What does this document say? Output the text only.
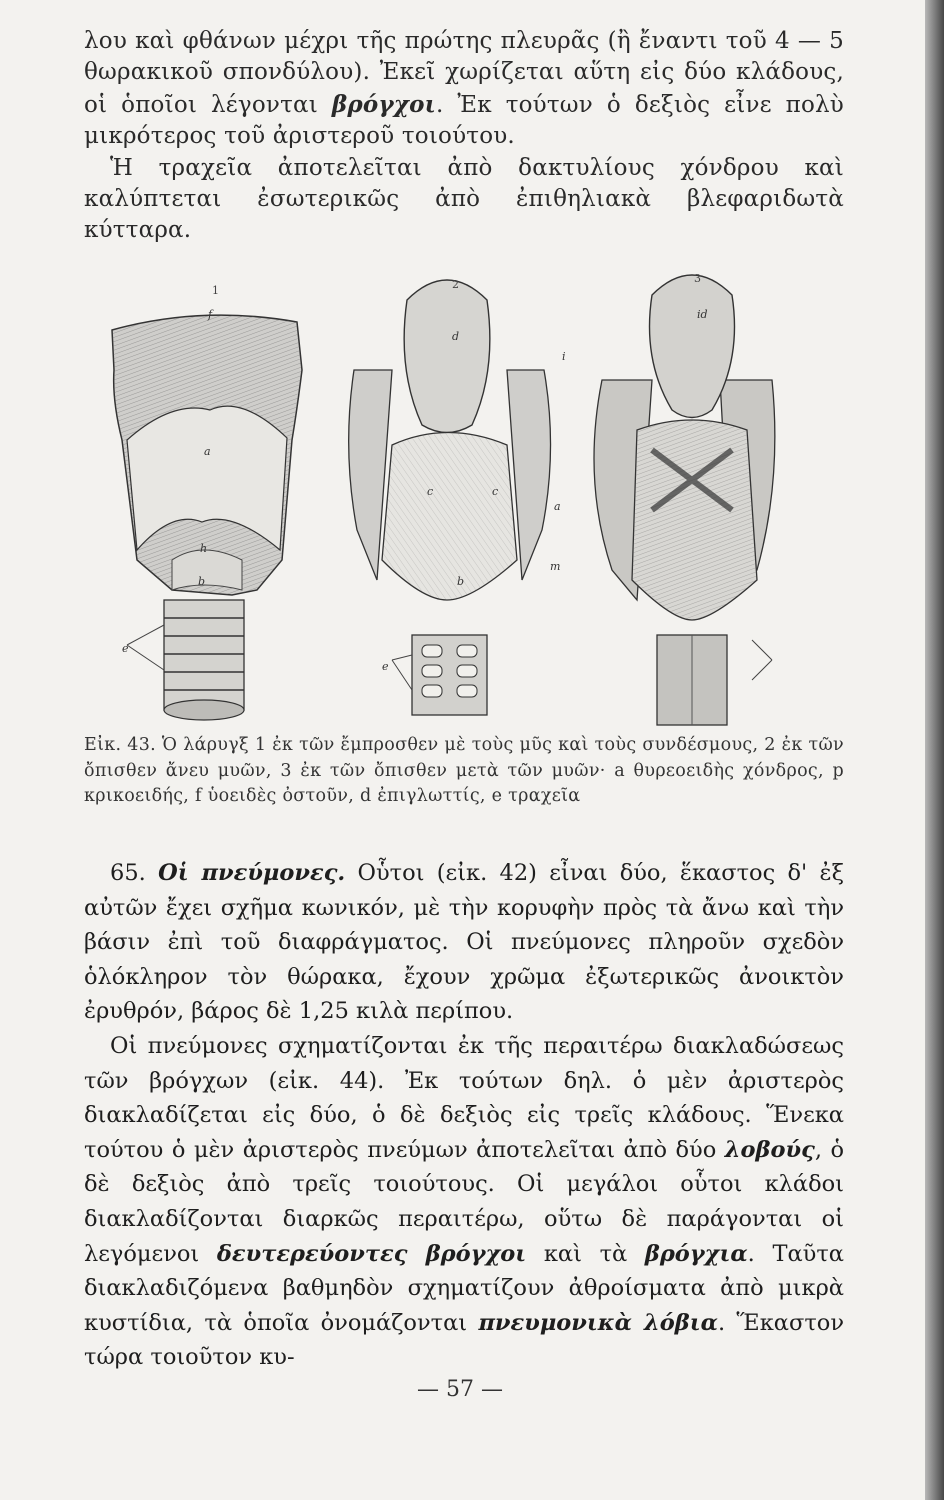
λου καὶ φθάνων μέχρι τῆς πρώτης πλευρᾶς (ἢ ἔναντι τοῦ 4 — 5 θωρακικοῦ σπονδύλου). Ἐκεῖ χωρίζεται αὕτη εἰς δύο κλάδους, οἱ ὁποῖοι λέγονται βρόγχοι. Ἐκ τούτων ὁ δεξιὸς εἶνε πολὺ μικρότερος τοῦ ἀριστεροῦ τοιούτου.

Ἡ τραχεῖα ἀποτελεῖται ἀπὸ δακτυλίους χόνδρου καὶ καλύπτεται ἐσωτερικῶς ἀπὸ ἐπιθηλιακὰ βλεφαριδωτὰ κύτταρα.

1	2	3
f
d
id
a
c	c
h
b	b
e
e
m
i
a

Εἰκ. 43. Ὁ λάρυγξ 1 ἐκ τῶν ἔμπροσθεν μὲ τοὺς μῦς καὶ τοὺς συνδέσμους, 2 ἐκ τῶν ὄπισθεν ἄνευ μυῶν, 3 ἐκ τῶν ὄπισθεν μετὰ τῶν μυῶν· a θυρεοειδὴς χόνδρος, p κρικοειδής, f ὑοειδὲς ὀστοῦν, d ἐπιγλωττίς, e τραχεῖα

65. Οἱ πνεύμονες. Οὗτοι (εἰκ. 42) εἶναι δύο, ἕκαστος δ' ἐξ αὐτῶν ἔχει σχῆμα κωνικόν, μὲ τὴν κορυφὴν πρὸς τὰ ἄνω καὶ τὴν βάσιν ἐπὶ τοῦ διαφράγματος. Οἱ πνεύμονες πληροῦν σχεδὸν ὁλόκληρον τὸν θώρακα, ἔχουν χρῶμα ἐξωτερικῶς ἀνοικτὸν ἐρυθρόν, βάρος δὲ 1,25 κιλὰ περίπου.

Οἱ πνεύμονες σχηματίζονται ἐκ τῆς περαιτέρω διακλαδώσεως τῶν βρόγχων (εἰκ. 44). Ἐκ τούτων δηλ. ὁ μὲν ἀριστερὸς διακλαδίζεται εἰς δύο, ὁ δὲ δεξιὸς εἰς τρεῖς κλάδους. Ἕνεκα τούτου ὁ μὲν ἀριστερὸς πνεύμων ἀποτελεῖται ἀπὸ δύο λοβούς, ὁ δὲ δεξιὸς ἀπὸ τρεῖς τοιούτους. Οἱ μεγάλοι οὗτοι κλάδοι διακλαδίζονται διαρκῶς περαιτέρω, οὕτω δὲ παράγονται οἱ λεγόμενοι δευτερεύοντες βρόγχοι καὶ τὰ βρόγχια. Ταῦτα διακλαδιζόμενα βαθμηδὸν σχηματίζουν ἀθροίσματα ἀπὸ μικρὰ κυστίδια, τὰ ὁποῖα ὀνομάζονται πνευμονικὰ λόβια. Ἕκαστον τώρα τοιοῦτον κυ-

— 57 —
